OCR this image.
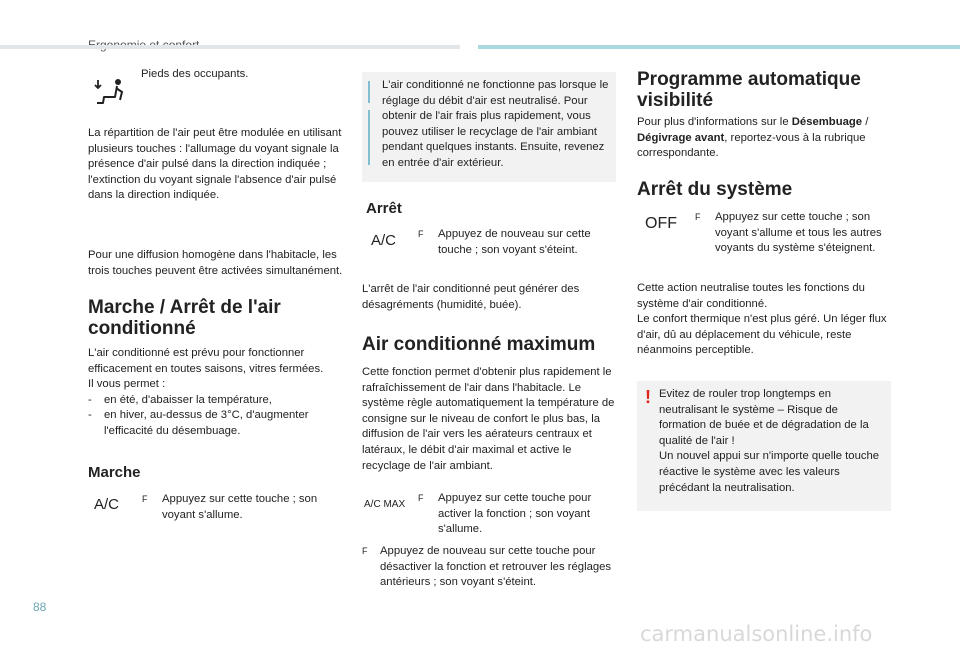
Pieds des occupants.
La répartition de l'air peut être modulée en utilisant plusieurs touches : l'allumage du voyant signale la présence d'air pulsé dans la direction indiquée ; l'extinction du voyant signale l'absence d'air pulsé dans la direction indiquée.
Pour une diffusion homogène dans l'habitacle, les trois touches peuvent être activées simultanément.
Marche / Arrêt de l'air conditionné
L'air conditionné est prévu pour fonctionner efficacement en toutes saisons, vitres fermées.
Il vous permet :
-	en été, d'abaisser la température,
-	en hiver, au-dessus de 3°C, d'augmenter l'efficacité du désembuage.
Marche
A/C	F	Appuyez sur cette touche ; son voyant s'allume.
L'air conditionné ne fonctionne pas lorsque le réglage du débit d'air est neutralisé. Pour obtenir de l'air frais plus rapidement, vous pouvez utiliser le recyclage de l'air ambiant pendant quelques instants. Ensuite, revenez en entrée d'air extérieur.
Arrêt
A/C F	Appuyez de nouveau sur cette touche ; son voyant s'éteint.
L'arrêt de l'air conditionné peut générer des désagréments (humidité, buée).
Air conditionné maximum
Cette fonction permet d'obtenir plus rapidement le rafraîchissement de l'air dans l'habitacle. Le système règle automatiquement la température de consigne sur le niveau de confort le plus bas, la diffusion de l'air vers les aérateurs centraux et latéraux, le débit d'air maximal et active le recyclage de l'air ambiant.
A/C MAX
F	Appuyez sur cette touche pour activer la fonction ; son voyant s'allume.
F	Appuyez de nouveau sur cette touche pour désactiver la fonction et retrouver les réglages antérieurs ; son voyant s'éteint.
Programme automatique visibilité
Pour plus d'informations sur le Désembuage / Dégivrage avant, reportez-vous à la rubrique correspondante.
Arrêt du système
OFF F	Appuyez sur cette touche ; son voyant s'allume et tous les autres voyants du système s'éteignent.
Cette action neutralise toutes les fonctions du système d'air conditionné.
Le confort thermique n'est plus géré. Un léger flux d'air, dû au déplacement du véhicule, reste néanmoins perceptible.
! Evitez de rouler trop longtemps en neutralisant le système – Risque de formation de buée et de dégradation de la qualité de l'air !
Un nouvel appui sur n'importe quelle touche réactive le système avec les valeurs précédant la neutralisation.
88
carmanualsonline.info
